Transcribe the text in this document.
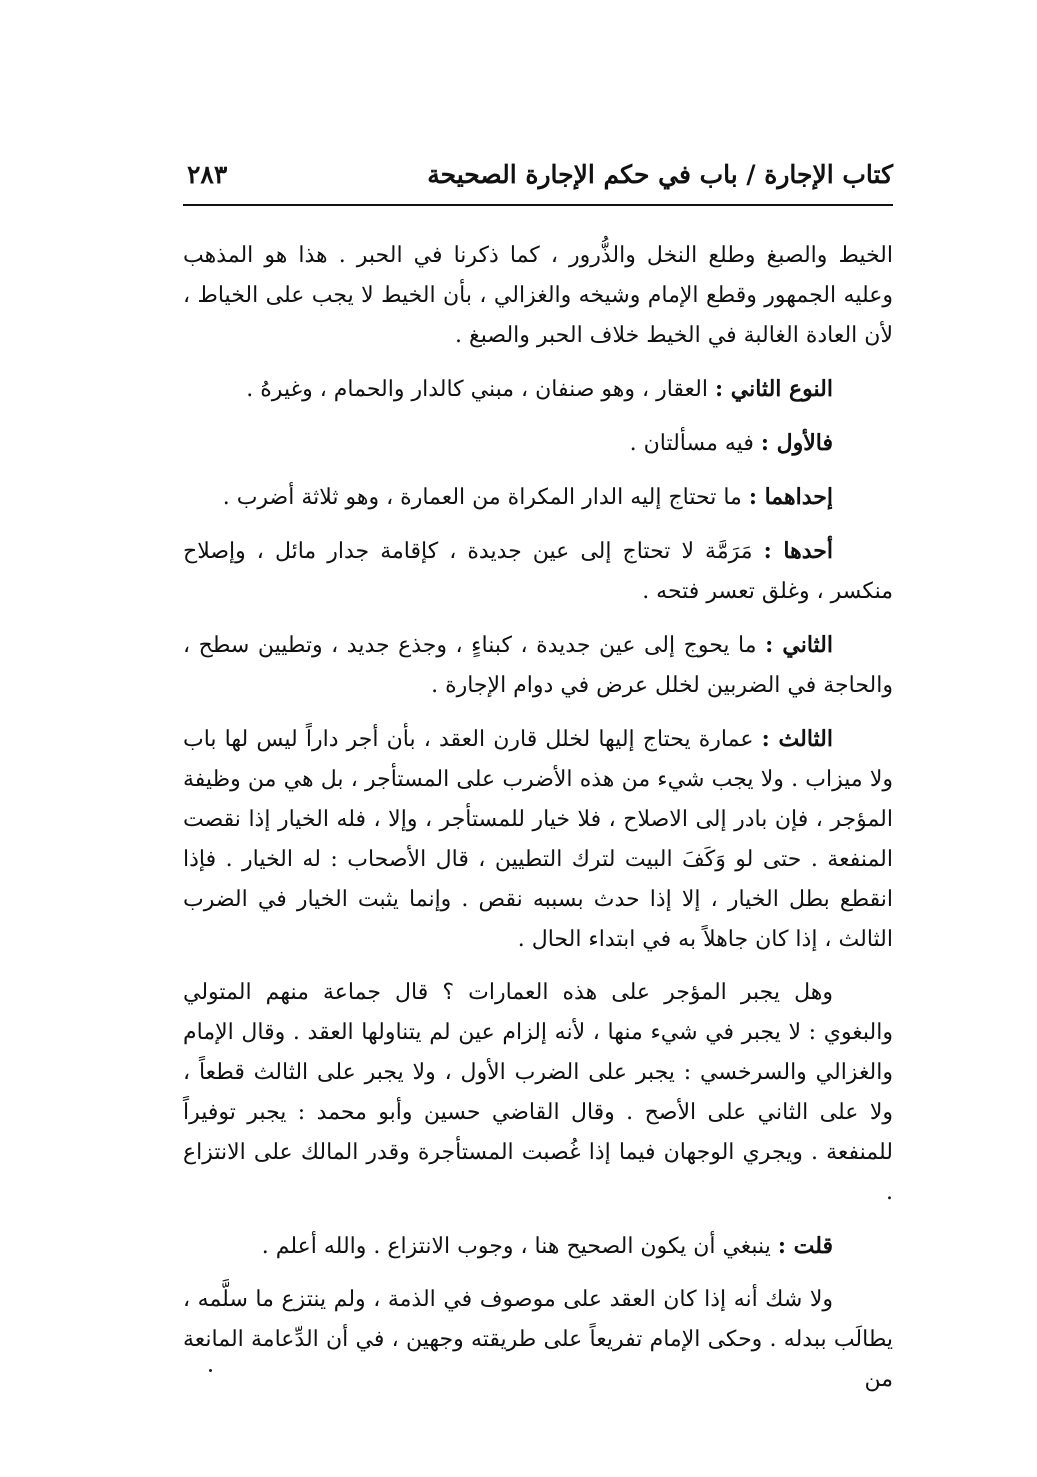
كتاب الإجارة / باب في حكم الإجارة الصحيحة
٢٨٣

الخيط والصبغ وطلع النخل والذُّرور ، كما ذكرنا في الحبر . هذا هو المذهب وعليه الجمهور وقطع الإمام وشيخه والغزالي ، بأن الخيط لا يجب على الخياط ، لأن العادة الغالبة في الخيط خلاف الحبر والصبغ .

النوع الثاني : العقار ، وهو صنفان ، مبني كالدار والحمام ، وغيرهُ .

فالأول : فيه مسألتان .

إحداهما : ما تحتاج إليه الدار المكراة من العمارة ، وهو ثلاثة أضرب .

أحدها : مَرَمَّة لا تحتاج إلى عين جديدة ، كإقامة جدار مائل ، وإصلاح منكسر ، وغلق تعسر فتحه .

الثاني : ما يحوج إلى عين جديدة ، كبناءٍ ، وجذع جديد ، وتطيين سطح ، والحاجة في الضربين لخلل عرض في دوام الإجارة .

الثالث : عمارة يحتاج إليها لخلل قارن العقد ، بأن أجر داراً ليس لها باب ولا ميزاب . ولا يجب شيء من هذه الأضرب على المستأجر ، بل هي من وظيفة المؤجر ، فإن بادر إلى الاصلاح ، فلا خيار للمستأجر ، وإلا ، فله الخيار إذا نقصت المنفعة . حتى لو وَكَفَ البيت لترك التطيين ، قال الأصحاب : له الخيار . فإذا انقطع بطل الخيار ، إلا إذا حدث بسببه نقص . وإنما يثبت الخيار في الضرب الثالث ، إذا كان جاهلاً به في ابتداء الحال .

وهل يجبر المؤجر على هذه العمارات ؟ قال جماعة منهم المتولي والبغوي : لا يجبر في شيء منها ، لأنه إلزام عين لم يتناولها العقد . وقال الإمام والغزالي والسرخسي : يجبر على الضرب الأول ، ولا يجبر على الثالث قطعاً ، ولا على الثاني على الأصح . وقال القاضي حسين وأبو محمد : يجبر توفيراً للمنفعة . ويجري الوجهان فيما إذا غُصبت المستأجرة وقدر المالك على الانتزاع .

قلت : ينبغي أن يكون الصحيح هنا ، وجوب الانتزاع . والله أعلم .

ولا شك أنه إذا كان العقد على موصوف في الذمة ، ولم ينتزع ما سلَّمه ، يطالَب ببدله . وحكى الإمام تفريعاً على طريقته وجهين ، في أن الدِّعامة المانعة من
